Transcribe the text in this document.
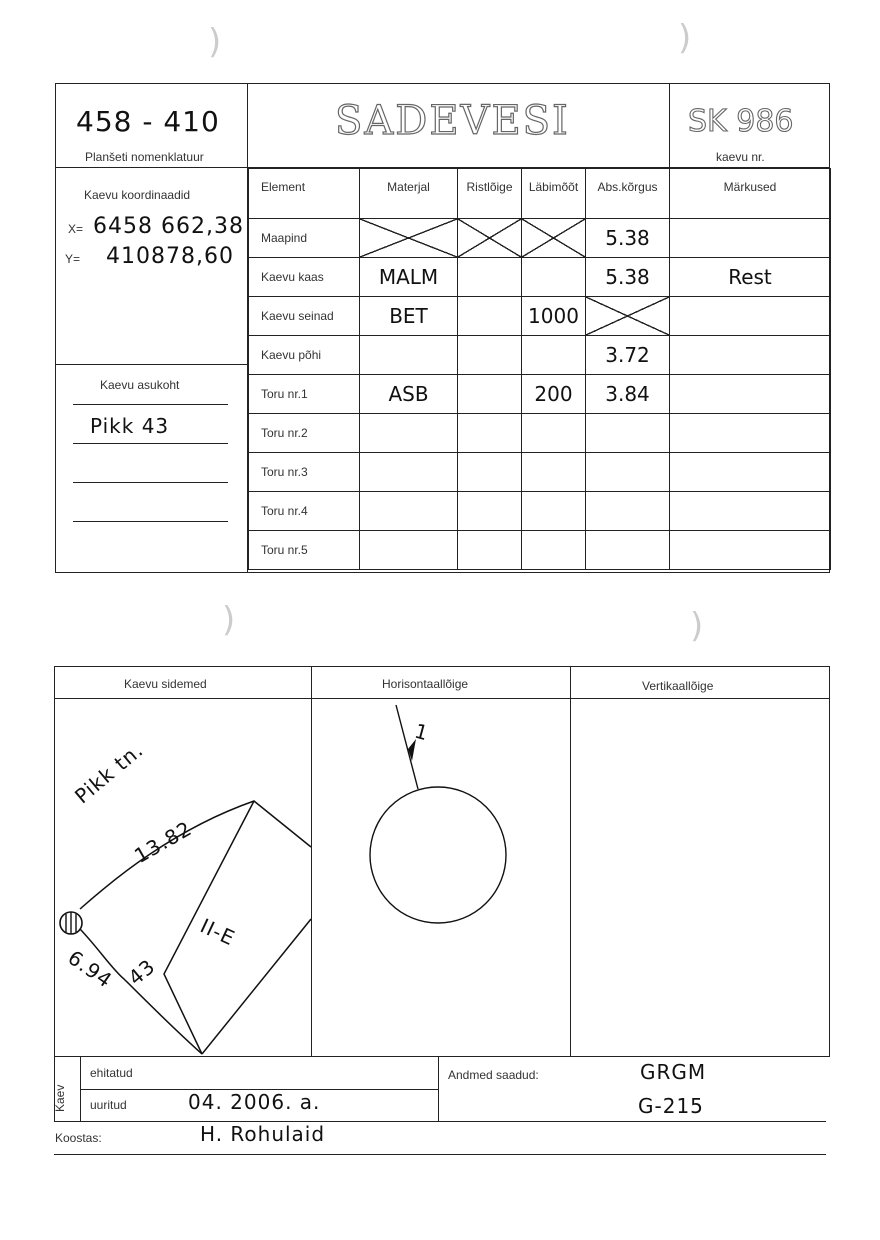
)	)
)	)
458 - 410
Planšeti nomenklatuur
SADEVESI	SK 986
kaevu nr.
Kaevu koordinaadid
X= 6458 662,38
Y= 410878,60
Kaevu asukoht
Pikk 43
Element	Materjal	Ristlõige	Läbimõõt	Abs.kõrgus	Märkused
Maapind				5.38	
Kaevu kaas	MALM			5.38	Rest
Kaevu seinad	BET		1000		
Kaevu põhi				3.72	
Toru nr.1	ASB		200	3.84	
Toru nr.2					
Toru nr.3					
Toru nr.4					
Toru nr.5					
Kaevu sidemed	Horisontaallõige	Vertikaallõige
Pikk tn.
13.82
6.94 43
II-E
1
Kaev
ehitatud
uuritud	04. 2006. a.
Andmed saadud:	GRGM
G-215
Koostas:	H. Rohulaid
